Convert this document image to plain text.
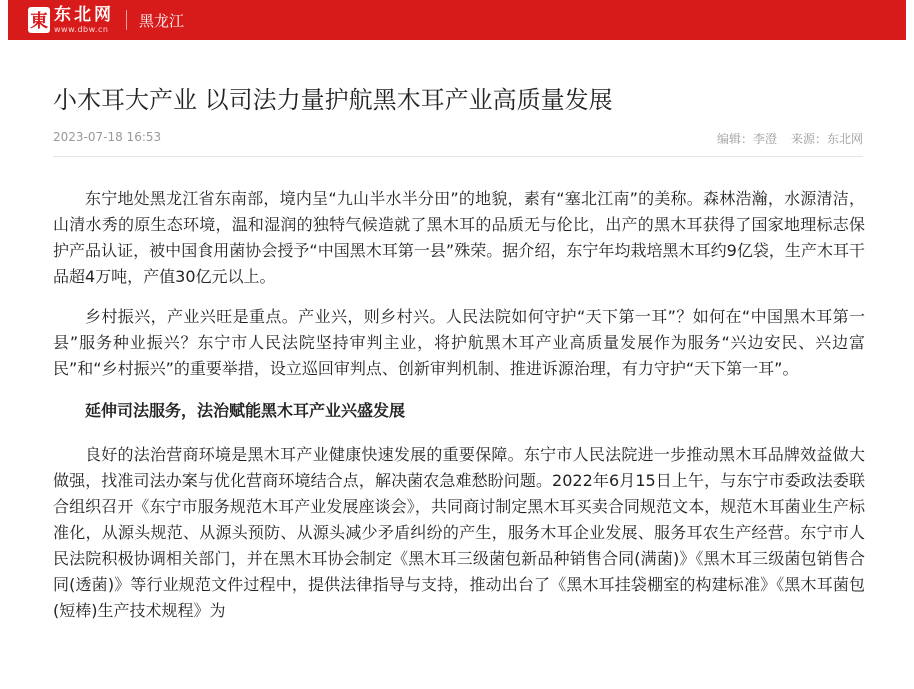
東 东北网
www.dbw.cn	黑龙江
小木耳大产业 以司法力量护航黑木耳产业高质量发展
2023-07-18 16:53	编辑：李澄 来源：东北网

东宁地处黑龙江省东南部，境内呈“九山半水半分田”的地貌，素有“塞北江南”的美称。森林浩瀚，水源清洁，山清水秀的原生态环境，温和湿润的独特气候造就了黑木耳的品质无与伦比，出产的黑木耳获得了国家地理标志保护产品认证，被中国食用菌协会授予“中国黑木耳第一县”殊荣。据介绍，东宁年均栽培黑木耳约9亿袋，生产木耳干品超4万吨，产值30亿元以上。

乡村振兴，产业兴旺是重点。产业兴，则乡村兴。人民法院如何守护“天下第一耳”？如何在“中国黑木耳第一县”服务种业振兴？东宁市人民法院坚持审判主业，将护航黑木耳产业高质量发展作为服务“兴边安民、兴边富民”和“乡村振兴”的重要举措，设立巡回审判点、创新审判机制、推进诉源治理，有力守护“天下第一耳”。

延伸司法服务，法治赋能黑木耳产业兴盛发展

良好的法治营商环境是黑木耳产业健康快速发展的重要保障。东宁市人民法院进一步推动黑木耳品牌效益做大做强，找准司法办案与优化营商环境结合点，解决菌农急难愁盼问题。2022年6月15日上午，与东宁市委政法委联合组织召开《东宁市服务规范木耳产业发展座谈会》，共同商讨制定黑木耳买卖合同规范文本，规范木耳菌业生产标准化，从源头规范、从源头预防、从源头减少矛盾纠纷的产生，服务木耳企业发展、服务耳农生产经营。东宁市人民法院积极协调相关部门，并在黑木耳协会制定《黑木耳三级菌包新品种销售合同(满菌)》《黑木耳三级菌包销售合同(透菌)》等行业规范文件过程中，提供法律指导与支持，推动出台了《黑木耳挂袋棚室的构建标准》《黑木耳菌包(短棒)生产技术规程》为
